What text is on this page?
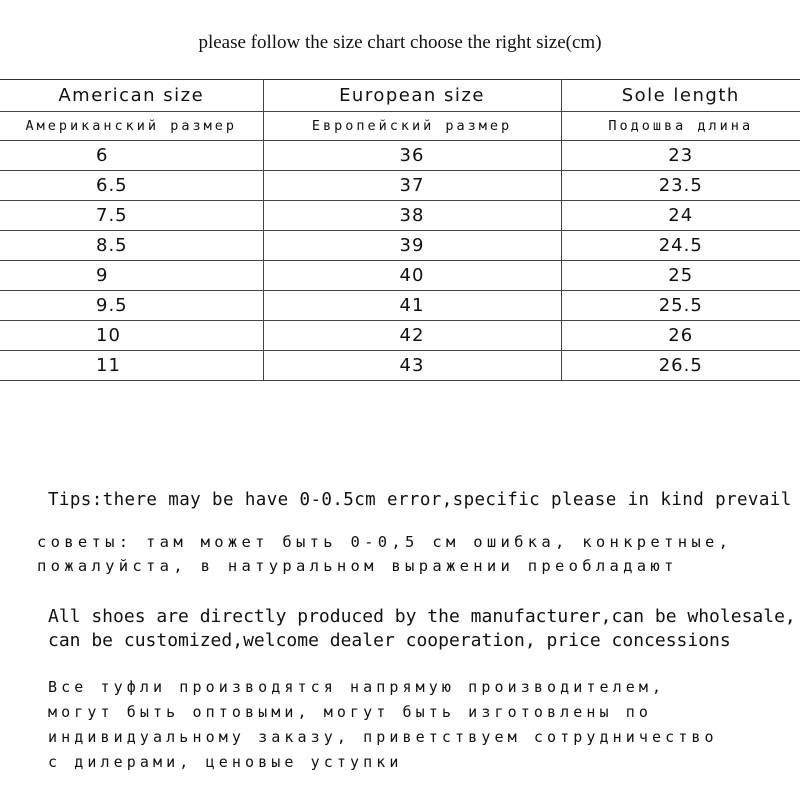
please follow the size chart choose the right size(cm)
American size	European size	Sole length
Американский размер	Европейский размер	Подошва длина
6	36	23
6.5	37	23.5
7.5	38	24
8.5	39	24.5
9	40	25
9.5	41	25.5
10	42	26
11	43	26.5
Tips:there may be have 0-0.5cm error,specific please in kind prevail
советы: там может быть 0-0,5 см ошибка, конкретные,
пожалуйста, в натуральном выражении преобладают
All shoes are directly produced by the manufacturer,can be wholesale,
can be customized,welcome dealer cooperation, price concessions
Все туфли производятся напрямую производителем,
могут быть оптовыми, могут быть изготовлены по
индивидуальному заказу, приветствуем сотрудничество
с дилерами, ценовые уступки
